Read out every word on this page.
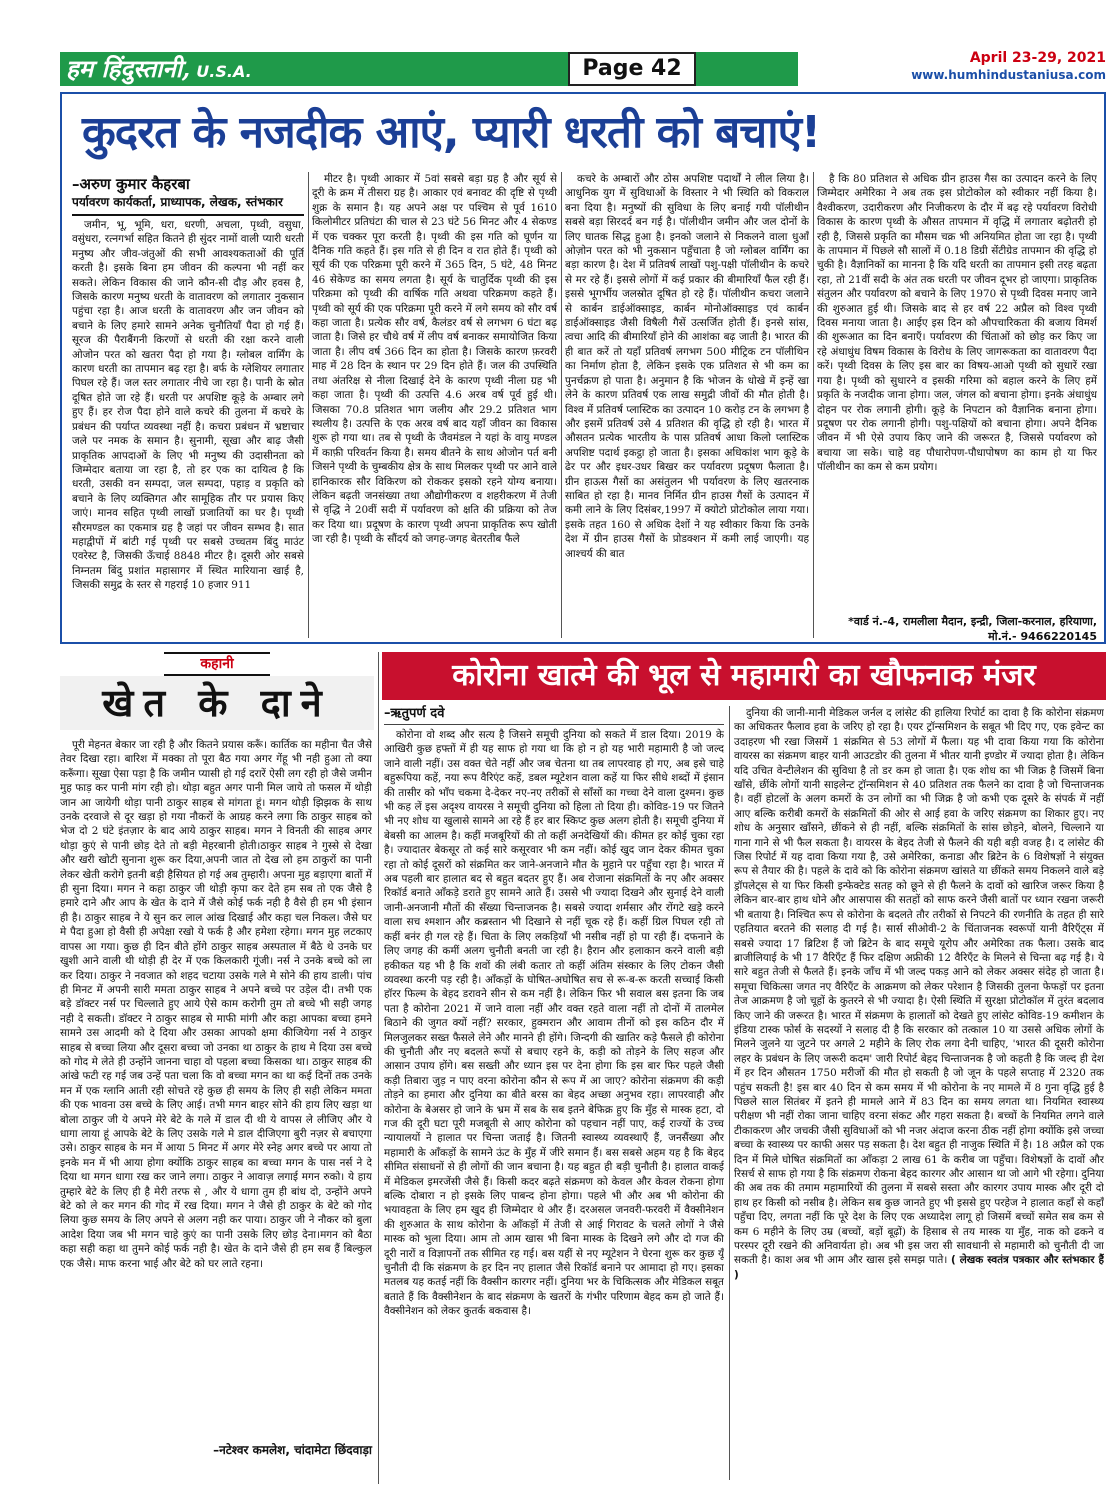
हम हिंदुस्तानी, U.S.A.	Page 42	April 23-29, 2021
www.humhindustaniusa.com
कुदरत के नजदीक आएं, प्यारी धरती को बचाएं!
–अरुण कुमार कैहरबा
पर्यावरण कार्यकर्ता, प्राध्यापक, लेखक, स्तंभकार

जमीन, भू, भूमि, धरा, धरणी, अचला, पृथ्वी, वसुधा, वसुंधरा, रत्नगर्भा सहित कितने ही सुंदर नामों वाली प्यारी धरती मनुष्य और जीव-जंतुओं की सभी आवश्यकताओं की पूर्ति करती है। इसके बिना हम जीवन की कल्पना भी नहीं कर सकते। लेकिन विकास की जाने कौन-सी दौड़ और हवस है, जिसके कारण मनुष्य धरती के वातावरण को लगातार नुकसान पहुंचा रहा है। आज धरती के वातावरण और जन जीवन को बचाने के लिए हमारे सामने अनेक चुनौतियाँ पैदा हो गई हैं। सूरज की पैराबैंगनी किरणों से धरती की रक्षा करने वाली ओजोन परत को खतरा पैदा हो गया है। ग्लोबल वार्मिंग के कारण धरती का तापमान बढ़ रहा है। बर्फ के ग्लेशियर लगातार पिघल रहे हैं। जल स्तर लगातार नीचे जा रहा है। पानी के स्रोत दूषित होते जा रहे हैं। धरती पर अपशिष्ट कूड़े के अम्बार लगे हुए हैं। हर रोज पैदा होने वाले कचरे की तुलना में कचरे के प्रबंधन की पर्याप्त व्यवस्था नहीं है। कचरा प्रबंधन में भ्रष्टाचार जले पर नमक के समान है। सुनामी, सूखा और बाढ़ जैसी प्राकृतिक आपदाओं के लिए भी मनुष्य की उदासीनता को जिम्मेदार बताया जा रहा है, तो हर एक का दायित्व है कि धरती, उसकी वन सम्पदा, जल सम्पदा, पहाड़ व प्रकृति को बचाने के लिए व्यक्तिगत और सामूहिक तौर पर प्रयास किए जाएं। मानव सहित पृथ्वी लाखों प्रजातियों का घर है। पृथ्वी सौरमण्डल का एकमात्र ग्रह है जहां पर जीवन सम्भव है। सात महाद्वीपों में बांटी गई पृथ्वी पर सबसे उच्चतम बिंदु माउंट एवरेस्ट है, जिसकी ऊँचाई 8848 मीटर है। दूसरी ओर सबसे निम्नतम बिंदु प्रशांत महासागर में स्थित मारियाना खाई है, जिसकी समुद्र के स्तर से गहराई 10 हजार 911

मीटर है। पृथ्वी आकार में 5वां सबसे बड़ा ग्रह है और सूर्य से दूरी के क्रम में तीसरा ग्रह है। आकार एवं बनावट की दृष्टि से पृथ्वी शुक्र के समान है। यह अपने अक्ष पर पश्चिम से पूर्व 1610 किलोमीटर प्रतिघंटा की चाल से 23 घंटे 56 मिनट और 4 सेकण्ड में एक चक्कर पूरा करती है। पृथ्वी की इस गति को घूर्णन या दैनिक गति कहते हैं। इस गति से ही दिन व रात होते हैं। पृथ्वी को सूर्य की एक परिक्रमा पूरी करने में 365 दिन, 5 घंटे, 48 मिनट 46 सेकेण्ड का समय लगता है। सूर्य के चातुर्दिक पृथ्वी की इस परिक्रमा को पृथ्वी की वार्षिक गति अथवा परिक्रमण कहते हैं। पृथ्वी को सूर्य की एक परिक्रमा पूरी करने में लगे समय को सौर वर्ष कहा जाता है। प्रत्येक सौर वर्ष, कैलंडर वर्ष से लगभग 6 घंटा बढ़ जाता है। जिसे हर चौथे वर्ष में लीप वर्ष बनाकर समायोजित किया जाता है। लीप वर्ष 366 दिन का होता है। जिसके कारण फ़रवरी माह में 28 दिन के स्थान पर 29 दिन होते हैं। जल की उपस्थिति तथा अंतरिक्ष से नीला दिखाई देने के कारण पृथ्वी नीला ग्रह भी कहा जाता है। पृथ्वी की उत्पत्ति 4.6 अरब वर्ष पूर्व हुई थी। जिसका 70.8 प्रतिशत भाग जलीय और 29.2 प्रतिशत भाग स्थलीय है। उत्पत्ति के एक अरब वर्ष बाद यहाँ जीवन का विकास शुरू हो गया था। तब से पृथ्वी के जैवमंडल ने यहां के वायु मण्डल में काफ़ी परिवर्तन किया है। समय बीतने के साथ ओजोन पर्त बनी जिसने पृथ्वी के चुम्बकीय क्षेत्र के साथ मिलकर पृथ्वी पर आने वाले हानिकारक सौर विकिरण को रोककर इसको रहने योग्य बनाया। लेकिन बढ़ती जनसंख्या तथा औद्योगीकरण व शहरीकरण में तेजी से वृद्धि ने 20वीं सदी में पर्यावरण को क्षति की प्रक्रिया को तेज कर दिया था। प्रदूषण के कारण पृथ्वी अपना प्राकृतिक रूप खोती जा रही है। पृथ्वी के सौंदर्य को जगह-जगह बेतरतीब फैले

कचरे के अम्बारों और ठोस अपशिष्ट पदार्थों ने लील लिया है। आधुनिक युग में सुविधाओं के विस्तार ने भी स्थिति को विकराल बना दिया है। मनुष्यों की सुविधा के लिए बनाई गयी पॉलीथीन सबसे बड़ा सिरदर्द बन गई है। पॉलीथीन जमीन और जल दोनों के लिए घातक सिद्ध हुआ है। इनको जलाने से निकलने वाला धुआँ ओज़ोन परत को भी नुकसान पहुँचाता है जो ग्लोबल वार्मिंग का बड़ा कारण है। देश में प्रतिवर्ष लाखों पशु-पक्षी पॉलीथीन के कचरे से मर रहे हैं। इससे लोगों में कई प्रकार की बीमारियाँ फैल रही हैं। इससे भूगर्भीय जलस्रोत दूषित हो रहे हैं। पॉलीथीन कचरा जलाने से कार्बन डाईऑक्साइड, कार्बन मोनोऑक्साइड एवं कार्बन डाईऑक्साइड जैसी विषैली गैसें उत्सर्जित होती हैं। इनसे सांस, त्वचा आदि की बीमारियाँ होने की आशंका बढ़ जाती है। भारत की ही बात करें तो यहाँ प्रतिवर्ष लगभग 500 मीट्रिक टन पॉलीथिन का निर्माण होता है, लेकिन इसके एक प्रतिशत से भी कम का पुनर्चक्रण हो पाता है। अनुमान है कि भोजन के धोखे में इन्हें खा लेने के कारण प्रतिवर्ष एक लाख समुद्री जीवों की मौत होती है। विश्व में प्रतिवर्ष प्लास्टिक का उत्पादन 10 करोड़ टन के लगभग है और इसमें प्रतिवर्ष उसे 4 प्रतिशत की वृद्धि हो रही है। भारत में औसतन प्रत्येक भारतीय के पास प्रतिवर्ष आधा किलो प्लास्टिक अपशिष्ट पदार्थ इकट्ठा हो जाता है। इसका अधिकांश भाग कूड़े के ढेर पर और इधर-उधर बिखर कर पर्यावरण प्रदूषण फैलाता है। ग्रीन हाऊस गैसों का असंतुलन भी पर्यावरण के लिए खतरनाक साबित हो रहा है। मानव निर्मित ग्रीन हाउस गैसों के उत्पादन में कमी लाने के लिए दिसंबर,1997 में क्योटो प्रोटोकोल लाया गया। इसके तहत 160 से अधिक देशों ने यह स्वीकार किया कि उनके देश में ग्रीन हाउस गैसों के प्रोडक्शन में कमी लाई जाएगी। यह आश्चर्य की बात

है कि 80 प्रतिशत से अधिक ग्रीन हाउस गैस का उत्पादन करने के लिए जिम्मेदार अमेरिका ने अब तक इस प्रोटोकोल को स्वीकार नहीं किया है। वैश्वीकरण, उदारीकरण और निजीकरण के दौर में बढ़ रहे पर्यावरण विरोधी विकास के कारण पृथ्वी के औसत तापमान में वृद्धि में लगातार बढ़ोतरी हो रही है, जिससे प्रकृति का मौसम चक्र भी अनियमित होता जा रहा है। पृथ्वी के तापमान में पिछले सौ सालों में 0.18 डिग्री सेंटीग्रेड तापमान की वृद्धि हो चुकी है। वैज्ञानिकों का मानना है कि यदि धरती का तापमान इसी तरह बढ़ता रहा, तो 21वीं सदी के अंत तक धरती पर जीवन दूभर हो जाएगा। प्राकृतिक संतुलन और पर्यावरण को बचाने के लिए 1970 से पृथ्वी दिवस मनाए जाने की शुरुआत हुई थी। जिसके बाद से हर वर्ष 22 अप्रैल को विश्व पृथ्वी दिवस मनाया जाता है। आईए इस दिन को औपचारिकता की बजाय विमर्श की शुरूआत का दिन बनाएँ। पर्यावरण की चिंताओं को छोड़ कर किए जा रहे अंधाधुंध विषम विकास के विरोध के लिए जागरूकता का वातावरण पैदा करें। पृथ्वी दिवस के लिए इस बार का विषय-आओ पृथ्वी को सुधारें रखा गया है। पृथ्वी को सुधारने व इसकी गरिमा को बहाल करने के लिए हमें प्रकृति के नजदीक जाना होगा। जल, जंगल को बचाना होगा। इनके अंधाधुंध दोहन पर रोक लगानी होगी। कूड़े के निपटान को वैज्ञानिक बनाना होगा। प्रदूषण पर रोक लगानी होगी। पशु-पक्षियों को बचाना होगा। अपने दैनिक जीवन में भी ऐसे उपाय किए जाने की जरूरत है, जिससे पर्यावरण को बचाया जा सके। चाहे वह पौधारोपण-पौधापोषण का काम हो या फिर पॉलीथीन का कम से कम प्रयोग।

*वार्ड नं.-4, रामलीला मैदान, इन्द्री, जिला-करनाल, हरियाणा, मो.नं.- 9466220145
कहानी
खेत के दाने

पूरी मेहनत बेकार जा रही है और कितने प्रयास करूँ। कार्तिक का महीना चैत जैसे तेवर दिखा रहा। बारिश में मक्का तो पूरा बैठ गया अगर गेंहू भी नही हुआ तो क्या करूँगा। सूखा ऐसा पड़ा है कि जमीन प्यासी हो गई दरारें ऐसी लग रही हो जैसे जमीन मुह फाड़ कर पानी मांग रही हो। थोड़ा बहुत अगर पानी मिल जाये तो फसल में थोड़ी जान आ जायेगी थोड़ा पानी ठाकुर साहब से मांगता हूं। मगन थोड़ी झिझक के साथ उनके दरवाजे से दूर खड़ा हो गया नौकरों के आग्रह करने लगा कि ठाकुर साहब को भेज दो 2 घंटे इंतज़ार के बाद आये ठाकुर साहब। मगन ने विनती की साहब अगर थोड़ा कुएं से पानी छोड़ देते तो बड़ी मेहरबानी होती।ठाकुर साहब ने गुस्से से देखा और खरी खोटी सुनाना शुरू कर दिया,अपनी जात तो देख लो हम ठाकुरों का पानी लेकर खेती करोगे इतनी बड़ी हैसियत हो गई अब तुम्हारी। अपना मुह बड़ाएगा बातों में ही सुना दिया। मगन ने कहा ठाकुर जी थोड़ी कृपा कर देते हम सब तो एक जैसे है हमारे दाने और आप के खेत के दाने में जैसे कोई फर्क नही है वैसे ही हम भी इंसान ही है। ठाकुर साहब ने ये सुन कर लाल आंख दिखाई और कहा चल निकल। जैसे घर मे पैदा हुआ हो वैसी ही अपेक्षा रखो ये फर्क है और हमेशा रहेगा। मगन मुह लटकाए वापस आ गया। कुछ ही दिन बीते होंगे ठाकुर साहब अस्पताल में बैठे थे उनके घर खुशी आने वाली थी थोड़ी ही देर में एक किलकारी गूंजी। नर्स ने उनके बच्चे को ला कर दिया। ठाकुर ने नवजात को शहद चटाया उसके गले मे सोने की हाय डाली। पांच ही मिनट में अपनी सारी ममता ठाकुर साहब ने अपने बच्चे पर उड़ेल दी। तभी एक बड़े डॉक्टर नर्स पर चिल्लाते हुए आये ऐसे काम करोगी तुम तो बच्चे भी सही जगह नही दे सकती। डॉक्टर ने ठाकुर साहब से माफी मांगी और कहा आपका बच्चा हमने सामने उस आदमी को दे दिया और उसका आपको क्षमा कीजियेगा नर्स ने ठाकुर साहब से बच्चा लिया और दूसरा बच्चा जो उनका था ठाकुर के हाथ मे दिया उस बच्चे को गोद मे लेते ही उन्होंने जानना चाहा वो पहला बच्चा किसका था। ठाकुर साहब की आंखे फटी रह गई जब उन्हें पता चला कि वो बच्चा मगन का था कई दिनों तक उनके मन में एक ग्लानि आती रही सोचते रहे कुछ ही समय के लिए ही सही लेकिन ममता की एक भावना उस बच्चे के लिए आई। तभी मगन बाहर सोने की हाय लिए खड़ा था बोला ठाकुर जी ये अपने मेरे बेटे के गले में डाल दी थी ये वापस ले लीजिए और ये धागा लाया हूं आपके बेटे के लिए उसके गले मे डाल दीजिएगा बुरी नज़र से बचाएगा उसे। ठाकुर साहब के मन में आया 5 मिनट में अगर मेरे स्नेह अगर बच्चे पर आया तो इनके मन में भी आया होगा क्योंकि ठाकुर साहब का बच्चा मगन के पास नर्स ने दे दिया था मगन धागा रख कर जाने लगा। ठाकुर ने आवाज़ लगाई मगन रुको। ये हाय तुम्हारे बेटे के लिए ही है मेरी तरफ से , और ये धागा तुम ही बांध दो, उन्होंने अपने बेटे को ले कर मगन की गोद में रख दिया। मगन ने जैसे ही ठाकुर के बेटे को गोद लिया कुछ समय के लिए अपने से अलग नही कर पाया। ठाकुर जी ने नौकर को बुला आदेश दिया जब भी मगन चाहे कुएं का पानी उसके लिए छोड़ देना।मगन को बैठा कहा सही कहा था तुमने कोई फर्क नही है। खेत के दाने जैसे ही हम सब हैं बिल्कुल एक जैसे। माफ करना भाई और बेटे को घर लाते रहना।

–नटेश्वर कमलेश, चांदामेटा छिंदवाड़ा
कोरोना खात्मे की भूल से महामारी का खौफनाक मंजर
–ऋतुपर्ण दवे

कोरोना वो शब्द और सत्य है जिसने समूची दुनिया को सकते में डाल दिया। 2019 के आखिरी कुछ हफ्तों में ही यह साफ हो गया था कि हो न हो यह भारी महामारी है जो जल्द जाने वाली नहीं। उस वक्त चेते नहीं और जब चेतना था तब लापरवाह हो गए, अब इसे चाहे बहुरूपिया कहें, नया रूप वैरिएंट कहें, डबल म्यूटेशन वाला कहें या फिर सीधे शब्दों में इंसान की तासीर को भाँप चकमा दे-देकर नए-नए तरीकों से साँसों का गच्चा देने वाला दुश्मन। कुछ भी कह लें इस अदृश्य वायरस ने समूची दुनिया को हिला तो दिया ही। कोविड-19 पर जितने भी नए शोध या खुलासे सामने आ रहे हैं हर बार स्किप्ट कुछ अलग होती है। समूची दुनिया में बेबसी का आलम है। कहीं मजबूरियों की तो कहीं अनदेखियों की। कीमत हर कोई चुका रहा है। ज्यादातर बेकसूर तो कई सारे कसूरवार भी कम नहीं। कोई खुद जान देकर कीमत चुका रहा तो कोई दूसरों को संक्रमित कर जाने-अनजाने मौत के मुहाने पर पहुँचा रहा है। भारत में अब पहली बार हालात बद से बहुत बदतर हुए हैं। अब रोजाना संक्रमितों के नए और अक्सर रिकॉर्ड बनाते आँकड़े डराते हुए सामने आते हैं। उससे भी ज्यादा दिखने और सुनाई देने वाली जानी-अनजानी मौतों की सँख्या चिन्ताजनक है। सबसे ज्यादा शर्मसार और रोंगटे खड़े करने वाला सच श्मशान और कब्रस्तान भी दिखाने से नहीं चूक रहे हैं। कहीं ग्रिल पिघल रही तो कहीं बनंर ही गल रहे हैं। चिता के लिए लकड़ियाँ भी नसीब नहीं हो पा रही हैं। दफनाने के लिए जगह की कमीं अलग चुनौती बनती जा रही है। हैरान और हलाकान करने वाली बड़ी हकीकत यह भी है कि शवों की लंबी कतार तो कहीं अंतिम संस्कार के लिए टोकन जैसी व्यवस्था करनी पड़ रही है। आँकड़ों के घोषित-अघोषित सच से रू-ब-रू करती सच्चाई किसी हॉरर फिल्म के बेहद डरावने सीन से कम नहीं है। लेकिन फिर भी सवाल बस इतना कि जब पता है कोरोना 2021 में जाने वाला नहीं और वक्त रहते वाला नहीं तो दोनों में तालमेल बिठाने की जुगत क्यों नहीं? सरकार, हुक्मरान और आवाम तीनों को इस कठिन दौर में मिलजुलकर सख्त फैसले लेने और मानने ही होंगे। जिन्दगी की खातिर कड़े फैसले ही कोरोना की चुनौती और नए बदलते रूपों से बचाए रहने के, कड़ी को तोड़ने के लिए सहज और आसान उपाय होंगे। बस सख्ती और ध्यान इस पर देना होगा कि इस बार फिर पहले जैसी कड़ी तिबारा जुड़ न पाए वरना कोरोना कौन से रूप में आ जाए? कोरोना संक्रमण की कड़ी तोड़ने का हमारा और दुनिया का बीते बरस का बेहद अच्छा अनुभव रहा। लापरवाही और कोरोना के बेअसर हो जाने के भ्रम में सब के सब इतने बेफिक्र हुए कि मुँह से मास्क हटा, दो गज की दूरी घटा पूरी मजबूती से आए कोरोना को पहचान नहीं पाए, कई राज्यों के उच्च न्यायालयों ने हालात पर चिन्ता जताई है। जितनी स्वास्थ्य व्यवस्थाएँ हैं, जनसैंख्या और महामारी के आँकड़ों के सामने ऊंट के मुँह में जीरे समान हैं। बस सबसे अहम यह है कि बेहद सीमित संसाधनों से ही लोगों की जान बचाना है। यह बहुत ही बड़ी चुनौती है। हालात वाकई में मेडिकल इमरजेंसी जैसे हैं। किसी कदर बढ़ते संक्रमण को केवल और केवल रोकना होगा बल्कि दोबारा न हो इसके लिए पाबन्द होना होगा। पहले भी और अब भी कोरोना की भयावहता के लिए हम खुद ही जिम्मेदार थे और हैं। दरअसल जनवरी-फरवरी में वैक्सीनेशन की शुरुआत के साथ कोरोना के आँकड़ों में तेजी से आई गिरावट के चलते लोगों ने जैसे मास्क को भुला दिया। आम तो आम खास भी बिना मास्क के दिखने लगे और दो गज की दूरी नारों व विज्ञापनों तक सीमित रह गई। बस यहीं से नए म्यूटेशन ने घेरना शुरू कर कुछ यूँ चुनौती दी कि संक्रमण के हर दिन नए हालात जैसे रिकॉर्ड बनाने पर आमादा हो गए। इसका मतलब यह कतई नहीं कि वैक्सीन कारगर नहीं। दुनिया भर के चिकित्सक और मेडिकल सबूत बताते हैं कि वैक्सीनेशन के बाद संक्रमण के खतरों के गंभीर परिणाम बेहद कम हो जाते हैं। वैक्सीनेशन को लेकर कुतर्क बकवास है।

दुनिया की जानी-मानी मेडिकल जर्नल द लांसेट की हालिया रिपोर्ट का दावा है कि कोरोना संक्रमण का अधिकतर फैलाव हवा के जरिए हो रहा है। एयर ट्रॉन्समिशन के सबूत भी दिए गए, एक इवेन्ट का उदाहरण भी रखा जिसमें 1 संक्रमित से 53 लोगों में फैला। यह भी दावा किया गया कि कोरोना वायरस का संक्रमण बाहर यानी आउटडोर की तुलना में भीतर यानी इण्डोर में ज्यादा होता है। लेकिन यदि उचित वेन्टीलेशन की सुविधा है तो डर कम हो जाता है। एक शोध का भी जिक्र है जिसमें बिना खाँसे, छींके लोगों यानी साइलेन्ट ट्रॉन्समिशन से 40 प्रतिशत तक फैलने का दावा है जो चिन्ताजनक है। वहीं होटलों के अलग कमरों के उन लोगों का भी जिक्र है जो कभी एक दूसरे के संपर्क में नहीं आए बल्कि करीबी कमरों के संक्रमितों की ओर से आई हवा के जरिए संक्रमण का शिकार हुए। नए शोध के अनुसार खाँसने, छींकने से ही नहीं, बल्कि संक्रमितों के सांस छोड़ने, बोलने, चिल्लाने या गाना गाने से भी फैल सकता है। वायरस के बेहद तेजी से फैलने की यही बड़ी वजह है। द लांसेट की जिस रिपोर्ट में यह दावा किया गया है, उसे अमेरिका, कनाडा और ब्रिटेन के 6 विशेषज्ञों ने संयुक्त रूप से तैयार की है। पहले के दावे को कि कोरोना संक्रमण खांसते या छींकते समय निकलने वाले बड़े ड्रॉपलेट्स से या फिर किसी इन्फेक्टेड सतह को छूने से ही फैलने के दावों को खारिज जरूर किया है लेकिन बार-बार हाथ धोने और आसपास की सतहों को साफ करने जैसी बातों पर ध्यान रखना जरूरी भी बताया है। निश्चित रूप से कोरोना के बदलते तौर तरीकों से निपटने की रणनीति के तहत ही सारे एहतियात बरतने की सलाह दी गई है। सार्स सीओवी-2 के चिंताजनक स्वरूपों यानी वैरिएँट्स में सबसे ज्यादा 17 ब्रिटिश हैं जो ब्रिटेन के बाद समूचे यूरोप और अमेरिका तक फैला। उसके बाद ब्राजीलियाई के भी 17 वैरिएँट हैं फिर दक्षिण अफ्रीकी 12 वैरिएँट के मिलने से चिन्ता बढ़ गई है। ये सारे बहुत तेजी से फैलते हैं। इनके जाँच में भी जल्द पकड़ आने को लेकर अक्सर संदेह हो जाता है। समूचा चिकित्सा जगत नए वैरिएँट के आक्रमण को लेकर परेशान है जिसकी तुलना फेफड़ों पर इतना तेज आक्रमण है जो चूहों के कुतरने से भी ज्यादा है। ऐसी स्थिति में सुरक्षा प्रोटोकॉल में तुरंत बदलाव किए जाने की जरूरत है। भारत में संक्रमण के हालातों को देखते हुए लांसेट कोविड-19 कमीशन के इंडिया टास्क फोर्स के सदस्यों ने सलाह दी है कि सरकार को तत्काल 10 या उससे अधिक लोगों के मिलने जुलने या जुटने पर अगले 2 महीने के लिए रोक लगा देनी चाहिए, 'भारत की दूसरी कोरोना लहर के प्रबंधन के लिए जरूरी कदम' जारी रिपोर्ट बेहद चिन्ताजनक है जो कहती है कि जल्द ही देश में हर दिन औसतन 1750 मरीजों की मौत हो सकती है जो जून के पहले सप्ताह में 2320 तक पहुंच सकती है! इस बार 40 दिन से कम समय में भी कोरोना के नए मामले में 8 गुना वृद्धि हुई है पिछले साल सितंबर में इतने ही मामले आने में 83 दिन का समय लगता था। नियमित स्वास्थ्य परीक्षण भी नहीं रोका जाना चाहिए वरना संकट और गहरा सकता है। बच्चों के नियमित लगने वाले टीकाकरण और जचकी जैसी सुविधाओं को भी नजर अंदाज करना ठीक नहीं होगा क्योंकि इसे जच्चा बच्चा के स्वास्थ्य पर काफी असर पड़ सकता है। देश बहुत ही नाजुक स्थिति में है। 18 अप्रैल को एक दिन में मिले घोषित संक्रमितों का आँकड़ा 2 लाख 61 के करीब जा पहुँचा। विशेषज्ञों के दावों और रिसर्च से साफ हो गया है कि संक्रमण रोकना बेहद कारगर और आसान था जो आगे भी रहेगा। दुनिया की अब तक की तमाम महामारियों की तुलना में सबसे सस्ता और कारगर उपाय मास्क और दूरी दो हाथ हर किसी को नसीब है। लेकिन सब कुछ जानते हुए भी इससे हुए परहेज ने हालात कहाँ से कहाँ पहुँचा दिए, लगता नहीं कि पूरे देश के लिए एक अध्यादेश लागू हो जिसमें बच्चों समेत सब कम से कम 6 महीने के लिए उम्र (बच्चों, बड़ों बूढ़ों) के हिसाब से तय मास्क या मुँह, नाक को ढकने व परस्पर दूरी रखने की अनिवार्यता हो। अब भी इस जरा सी सावधानी से महामारी को चुनौती दी जा सकती है। काश अब भी आम और खास इसे समझ पाते। ( लेखक स्वतंत्र पत्रकार और स्तंभकार हैं )
